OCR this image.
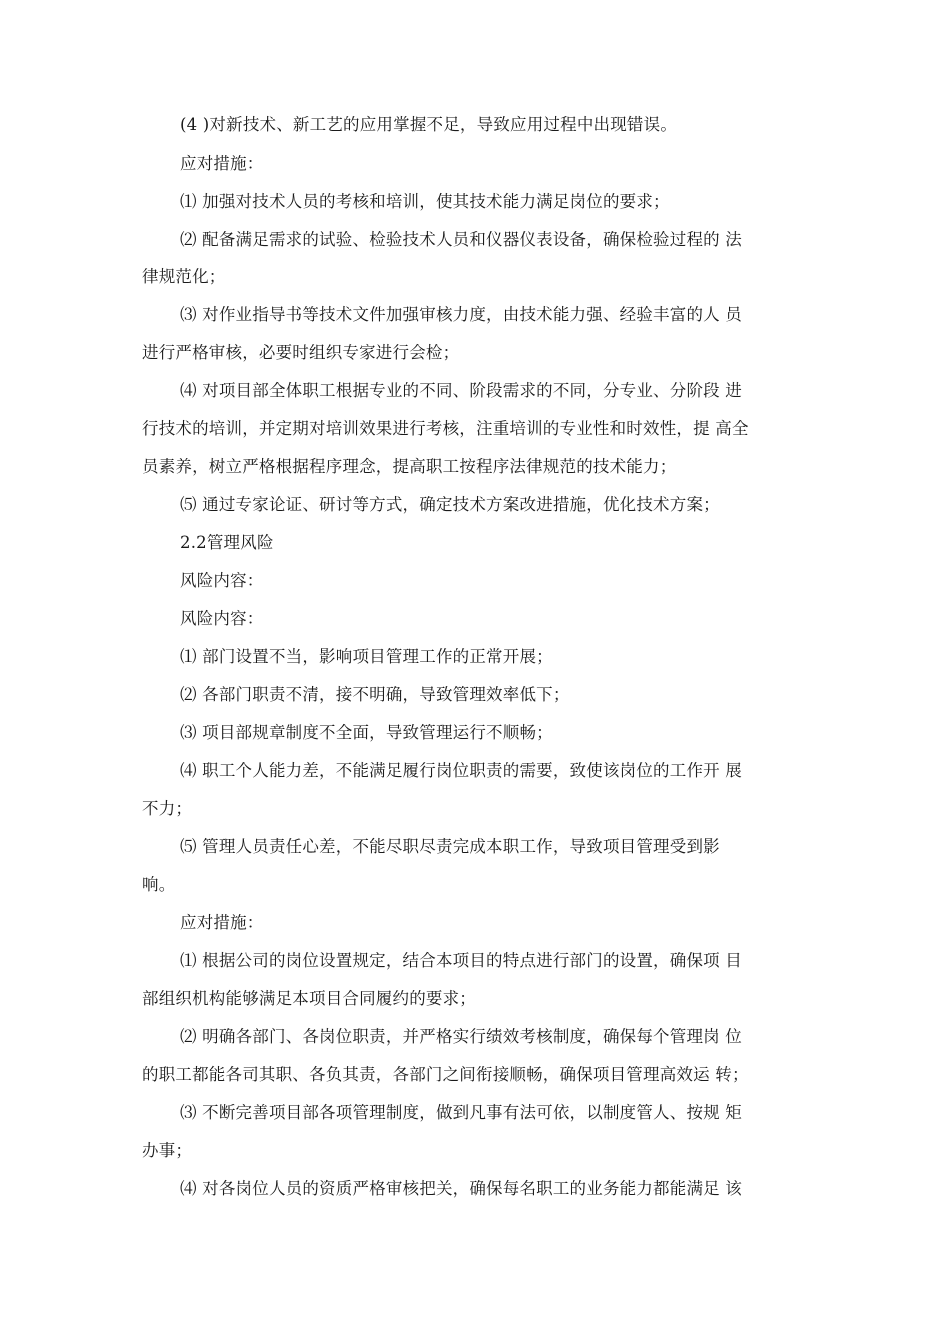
(4 )对新技术、新工艺的应用掌握不足，导致应用过程中出现错误。
应对措施：
⑴ 加强对技术人员的考核和培训，使其技术能力满足岗位的要求；
⑵ 配备满足需求的试验、检验技术人员和仪器仪表设备，确保检验过程的 法
律规范化；
⑶ 对作业指导书等技术文件加强审核力度，由技术能力强、经验丰富的人 员
进行严格审核，必要时组织专家进行会检；
⑷ 对项目部全体职工根据专业的不同、阶段需求的不同，分专业、分阶段 进
行技术的培训，并定期对培训效果进行考核，注重培训的专业性和时效性，提 高全
员素养，树立严格根据程序理念，提高职工按程序法律规范的技术能力；
⑸ 通过专家论证、研讨等方式，确定技术方案改进措施，优化技术方案；
2.2管理风险
风险内容：
风险内容：
⑴ 部门设置不当，影响项目管理工作的正常开展；
⑵ 各部门职责不清，接不明确，导致管理效率低下；
⑶ 项目部规章制度不全面，导致管理运行不顺畅；
⑷ 职工个人能力差，不能满足履行岗位职责的需要，致使该岗位的工作开 展
不力；
⑸ 管理人员责任心差，不能尽职尽责完成本职工作，导致项目管理受到影
响。
应对措施：
⑴ 根据公司的岗位设置规定，结合本项目的特点进行部门的设置，确保项 目
部组织机构能够满足本项目合同履约的要求；
⑵ 明确各部门、各岗位职责，并严格实行绩效考核制度，确保每个管理岗 位
的职工都能各司其职、各负其责，各部门之间衔接顺畅，确保项目管理高效运 转；
⑶ 不断完善项目部各项管理制度，做到凡事有法可依，以制度管人、按规 矩
办事；
⑷ 对各岗位人员的资质严格审核把关，确保每名职工的业务能力都能满足 该
